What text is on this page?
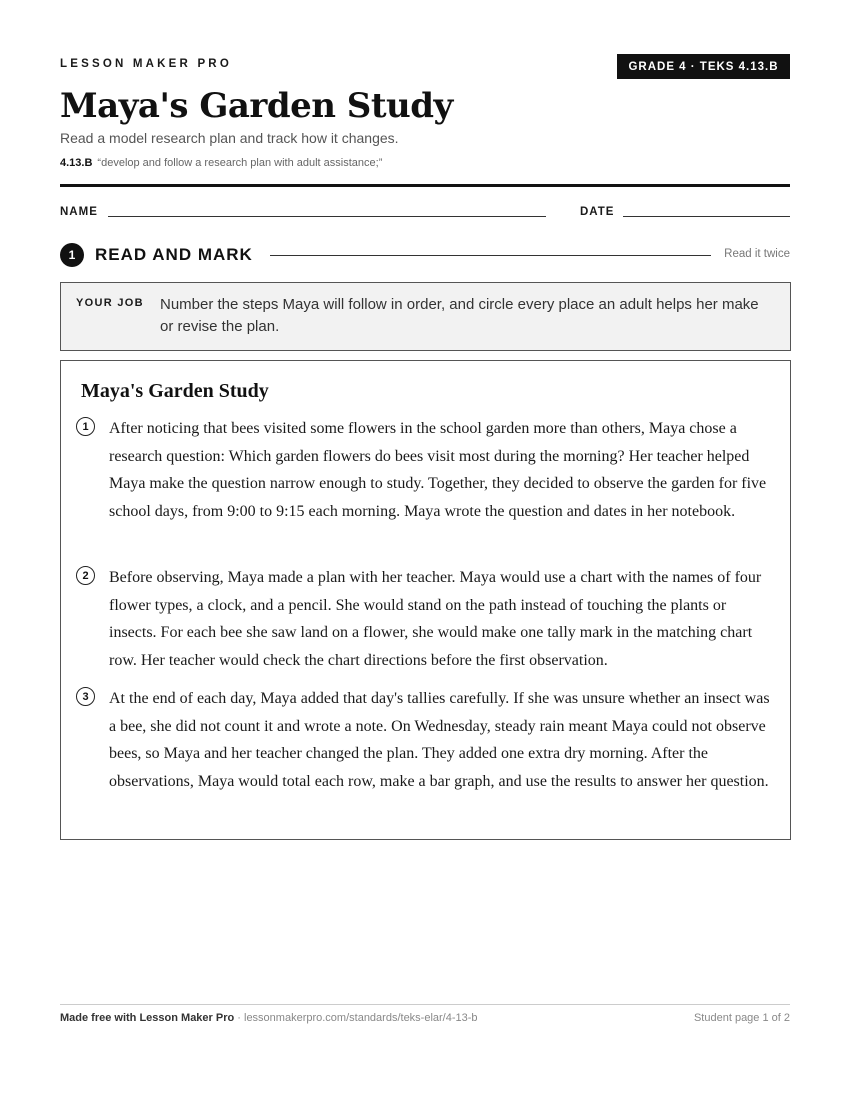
LESSON MAKER PRO	GRADE 4 · TEKS 4.13.B
Maya's Garden Study
Read a model research plan and track how it changes.
4.13.B “develop and follow a research plan with adult assistance;”
NAME	DATE
1	READ AND MARK	Read it twice
YOUR JOB Number the steps Maya will follow in order, and circle every place an adult helps her make or revise the plan.
Maya's Garden Study
1	After noticing that bees visited some flowers in the school garden more than others, Maya chose a research question: Which garden flowers do bees visit most during the morning? Her teacher helped Maya make the question narrow enough to study. Together, they decided to observe the garden for five school days, from 9:00 to 9:15 each morning. Maya wrote the question and dates in her notebook.
2	Before observing, Maya made a plan with her teacher. Maya would use a chart with the names of four flower types, a clock, and a pencil. She would stand on the path instead of touching the plants or insects. For each bee she saw land on a flower, she would make one tally mark in the matching chart row. Her teacher would check the chart directions before the first observation.
3	At the end of each day, Maya added that day's tallies carefully. If she was unsure whether an insect was a bee, she did not count it and wrote a note. On Wednesday, steady rain meant Maya could not observe bees, so Maya and her teacher changed the plan. They added one extra dry morning. After the observations, Maya would total each row, make a bar graph, and use the results to answer her question.
Made free with Lesson Maker Pro · lessonmakerpro.com/standards/teks-elar/4-13-b	Student page 1 of 2
